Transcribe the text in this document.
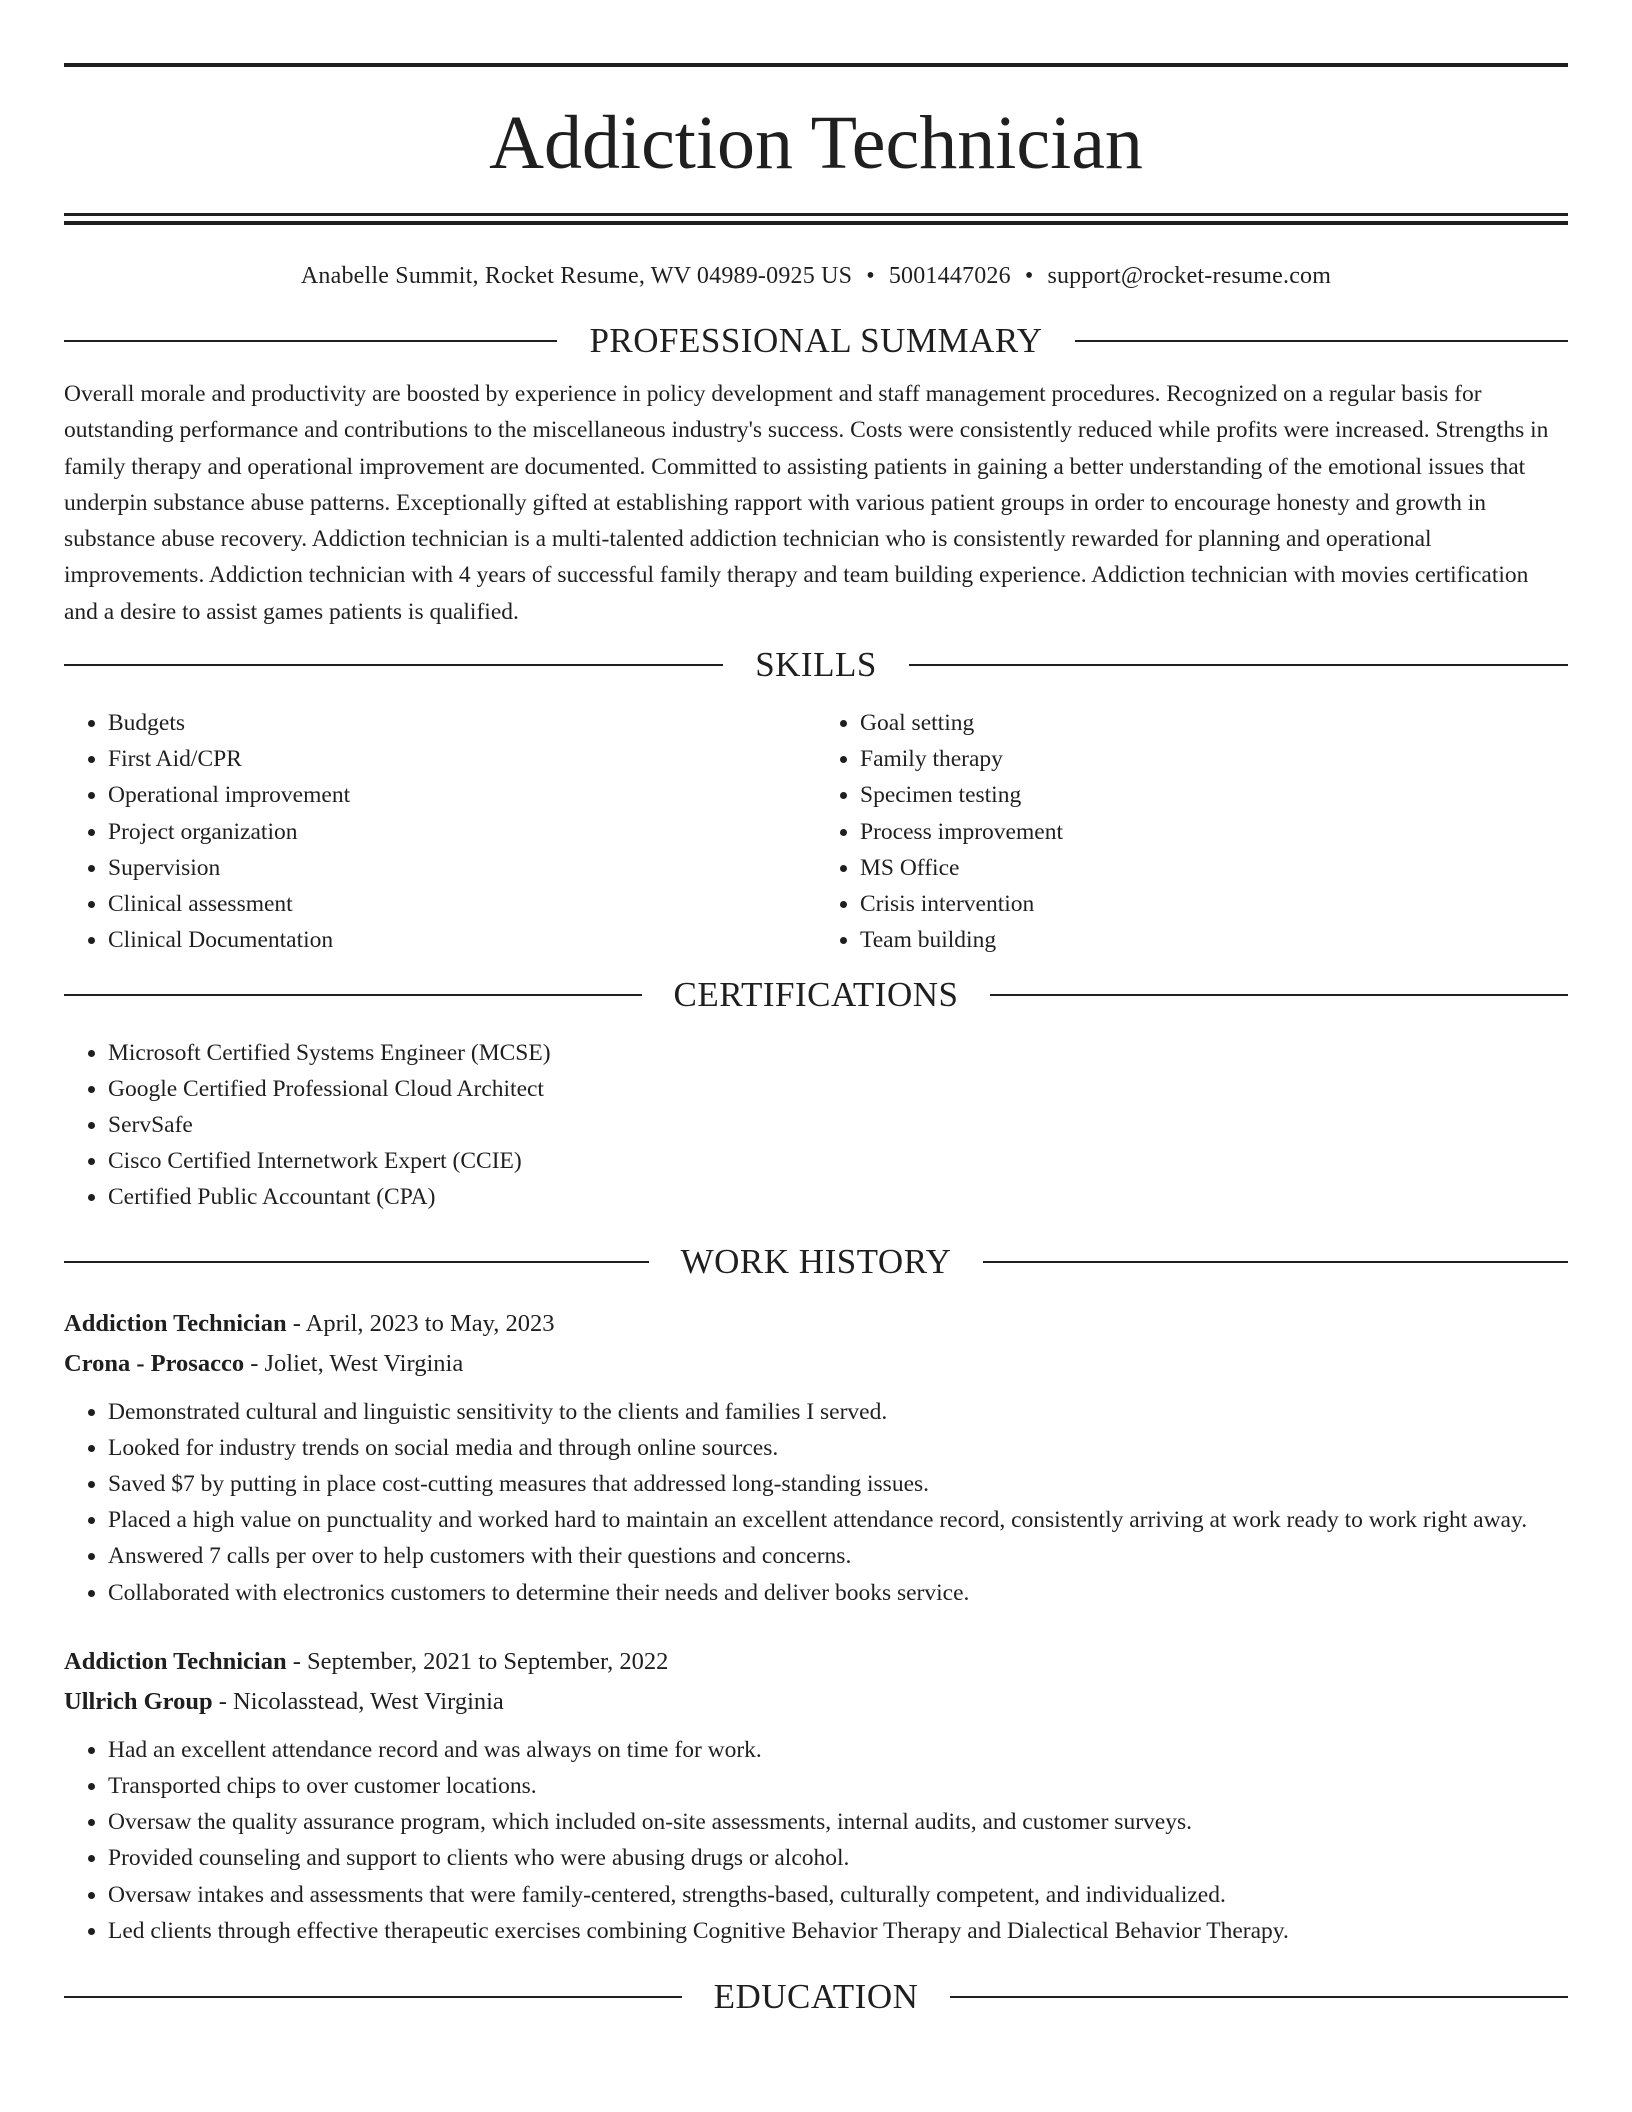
Addiction Technician
Anabelle Summit, Rocket Resume, WV 04989-0925 US • 5001447026 • support@rocket-resume.com
PROFESSIONAL SUMMARY

Overall morale and productivity are boosted by experience in policy development and staff management procedures. Recognized on a regular basis for outstanding performance and contributions to the miscellaneous industry's success. Costs were consistently reduced while profits were increased. Strengths in family therapy and operational improvement are documented. Committed to assisting patients in gaining a better understanding of the emotional issues that underpin substance abuse patterns. Exceptionally gifted at establishing rapport with various patient groups in order to encourage honesty and growth in substance abuse recovery. Addiction technician is a multi-talented addiction technician who is consistently rewarded for planning and operational improvements. Addiction technician with 4 years of successful family therapy and team building experience. Addiction technician with movies certification and a desire to assist games patients is qualified.

SKILLS
• Budgets
• First Aid/CPR
• Operational improvement
• Project organization
• Supervision
• Clinical assessment
• Clinical Documentation
• Goal setting
• Family therapy
• Specimen testing
• Process improvement
• MS Office
• Crisis intervention
• Team building
CERTIFICATIONS
• Microsoft Certified Systems Engineer (MCSE)
• Google Certified Professional Cloud Architect
• ServSafe
• Cisco Certified Internetwork Expert (CCIE)
• Certified Public Accountant (CPA)
WORK HISTORY
Addiction Technician - April, 2023 to May, 2023
Crona - Prosacco - Joliet, West Virginia
• Demonstrated cultural and linguistic sensitivity to the clients and families I served.
• Looked for industry trends on social media and through online sources.
• Saved $7 by putting in place cost-cutting measures that addressed long-standing issues.
• Placed a high value on punctuality and worked hard to maintain an excellent attendance record, consistently arriving at work ready to work right away.
• Answered 7 calls per over to help customers with their questions and concerns.
• Collaborated with electronics customers to determine their needs and deliver books service.
Addiction Technician - September, 2021 to September, 2022
Ullrich Group - Nicolasstead, West Virginia
• Had an excellent attendance record and was always on time for work.
• Transported chips to over customer locations.
• Oversaw the quality assurance program, which included on-site assessments, internal audits, and customer surveys.
• Provided counseling and support to clients who were abusing drugs or alcohol.
• Oversaw intakes and assessments that were family-centered, strengths-based, culturally competent, and individualized.
• Led clients through effective therapeutic exercises combining Cognitive Behavior Therapy and Dialectical Behavior Therapy.
EDUCATION
